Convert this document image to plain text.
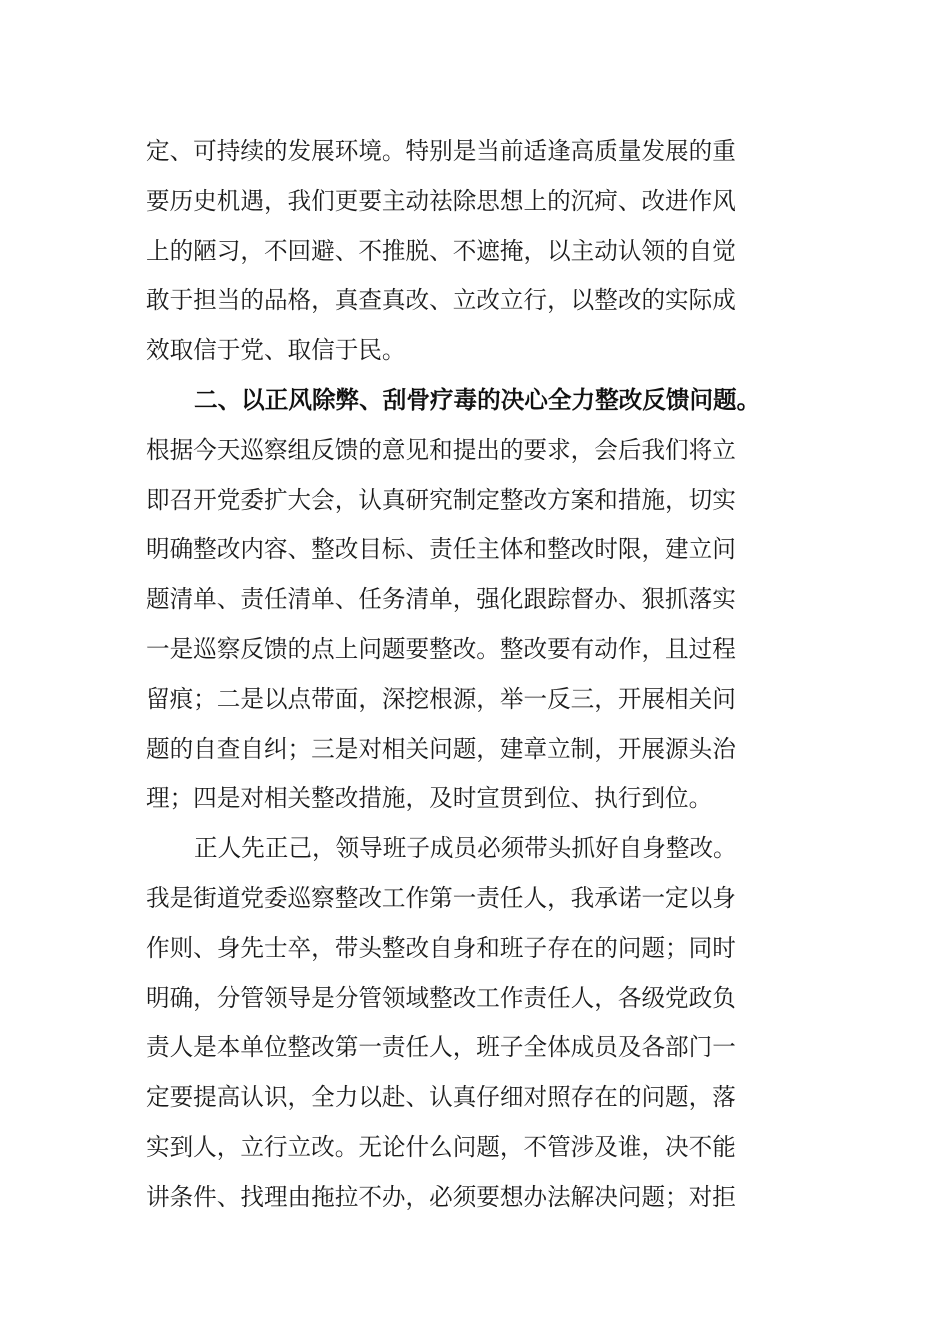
定、可持续的发展环境。特别是当前适逢高质量发展的重
要历史机遇，我们更要主动祛除思想上的沉疴、改进作风
上的陋习，不回避、不推脱、不遮掩，以主动认领的自觉
敢于担当的品格，真查真改、立改立行，以整改的实际成
效取信于党、取信于民。
二、以正风除弊、刮骨疗毒的决心全力整改反馈问题。
根据今天巡察组反馈的意见和提出的要求，会后我们将立
即召开党委扩大会，认真研究制定整改方案和措施，切实
明确整改内容、整改目标、责任主体和整改时限，建立问
题清单、责任清单、任务清单，强化跟踪督办、狠抓落实
一是巡察反馈的点上问题要整改。整改要有动作，且过程
留痕；二是以点带面，深挖根源，举一反三，开展相关问
题的自查自纠；三是对相关问题，建章立制，开展源头治
理；四是对相关整改措施，及时宣贯到位、执行到位。
正人先正己，领导班子成员必须带头抓好自身整改。
我是街道党委巡察整改工作第一责任人，我承诺一定以身
作则、身先士卒，带头整改自身和班子存在的问题；同时
明确，分管领导是分管领域整改工作责任人，各级党政负
责人是本单位整改第一责任人，班子全体成员及各部门一
定要提高认识，全力以赴、认真仔细对照存在的问题，落
实到人，立行立改。无论什么问题，不管涉及谁，决不能
讲条件、找理由拖拉不办，必须要想办法解决问题；对拒
